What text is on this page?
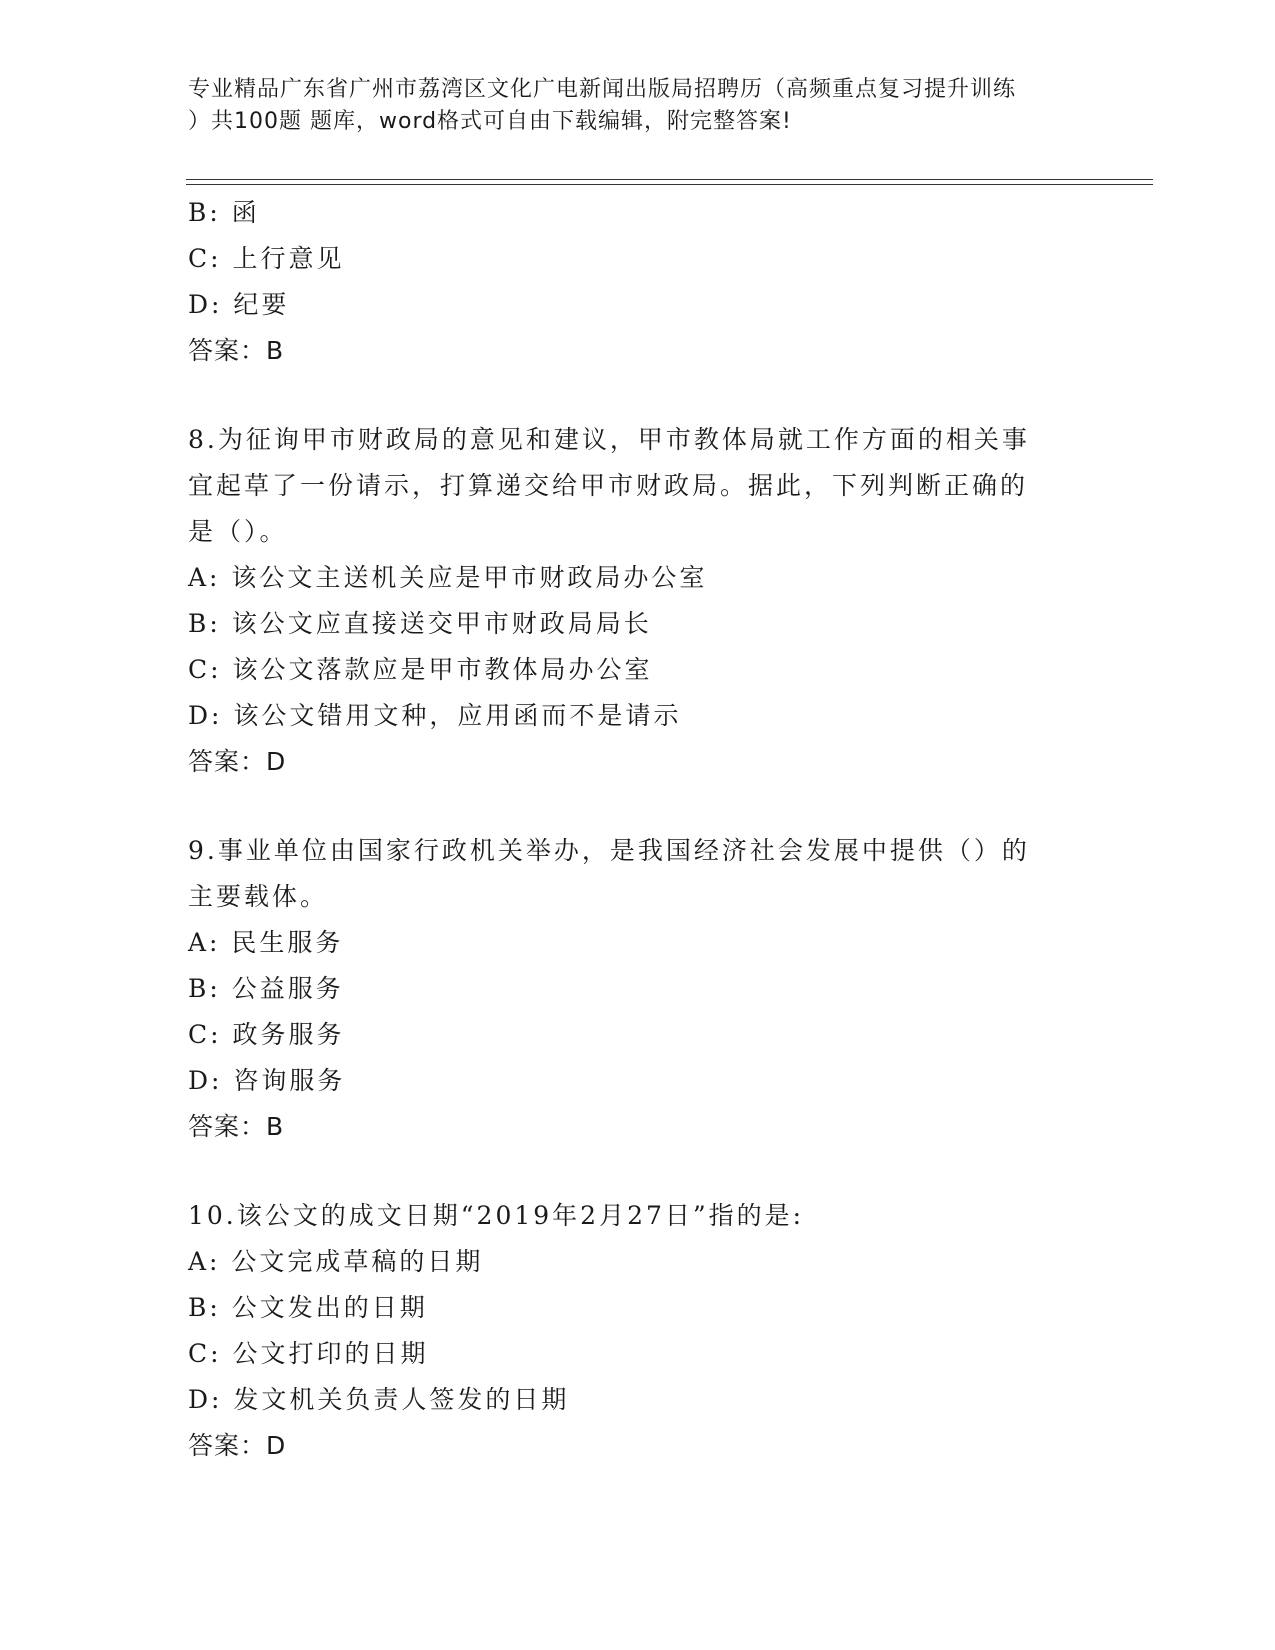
专业精品广东省广州市荔湾区文化广电新闻出版局招聘历（高频重点复习提升训练
）共100题 题库，word格式可自由下载编辑，附完整答案!
B: 函
C: 上行意见
D: 纪要
答案：B
8.为征询甲市财政局的意见和建议，甲市教体局就工作方面的相关事
宜起草了一份请示，打算递交给甲市财政局。据此，下列判断正确的
是（）。
A: 该公文主送机关应是甲市财政局办公室
B: 该公文应直接送交甲市财政局局长
C: 该公文落款应是甲市教体局办公室
D: 该公文错用文种，应用函而不是请示
答案：D
9.事业单位由国家行政机关举办，是我国经济社会发展中提供（）的
主要载体。
A: 民生服务
B: 公益服务
C: 政务服务
D: 咨询服务
答案：B
10.该公文的成文日期“2019年2月27日”指的是:
A: 公文完成草稿的日期
B: 公文发出的日期
C: 公文打印的日期
D: 发文机关负责人签发的日期
答案：D
